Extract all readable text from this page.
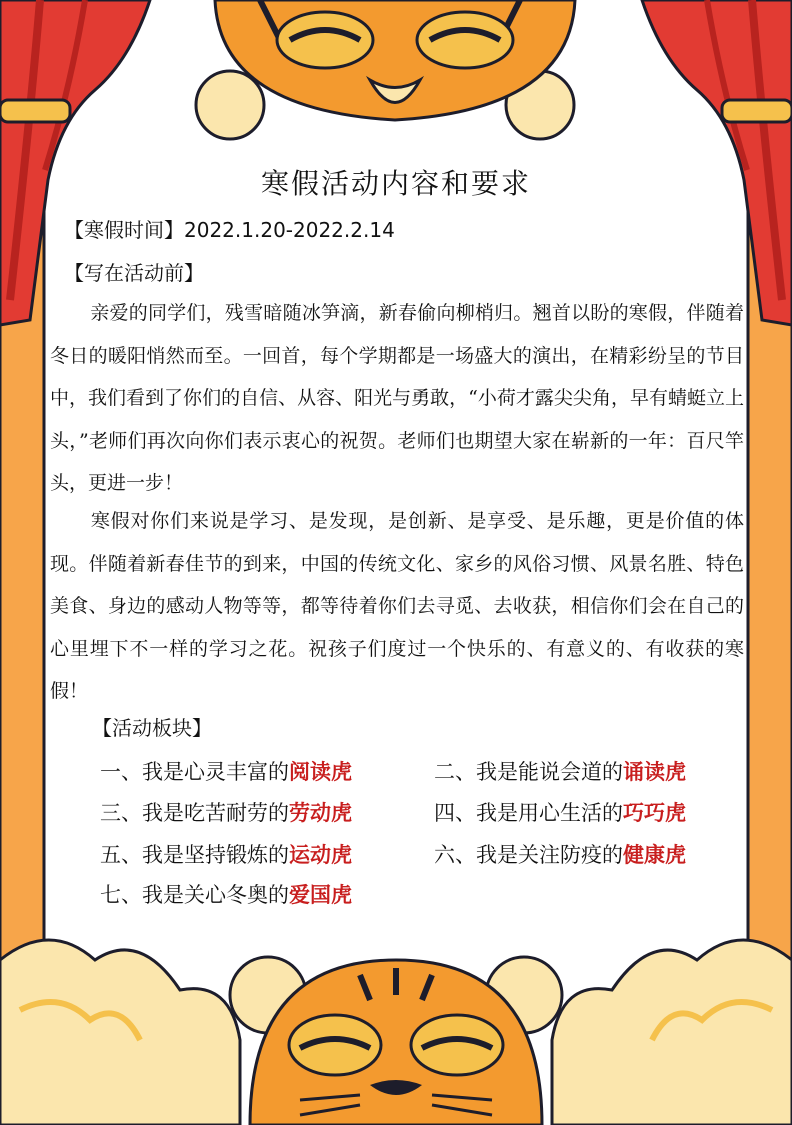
寒假活动内容和要求
【寒假时间】2022.1.20-2022.2.14
【写在活动前】

亲爱的同学们，残雪暗随冰笋滴，新春偷向柳梢归。翘首以盼的寒假，伴随着冬日的暖阳悄然而至。一回首，每个学期都是一场盛大的演出，在精彩纷呈的节目中，我们看到了你们的自信、从容、阳光与勇敢，“小荷才露尖尖角，早有蜻蜓立上头，”老师们再次向你们表示衷心的祝贺。老师们也期望大家在崭新的一年：百尺竿头，更进一步！

寒假对你们来说是学习、是发现，是创新、是享受、是乐趣，更是价值的体现。伴随着新春佳节的到来，中国的传统文化、家乡的风俗习惯、风景名胜、特色美食、身边的感动人物等等，都等待着你们去寻觅、去收获，相信你们会在自己的心里埋下不一样的学习之花。祝孩子们度过一个快乐的、有意义的、有收获的寒假！

【活动板块】
一、我是心灵丰富的阅读虎	二、我是能说会道的诵读虎
三、我是吃苦耐劳的劳动虎	四、我是用心生活的巧巧虎
五、我是坚持锻炼的运动虎	六、我是关注防疫的健康虎
七、我是关心冬奥的爱国虎
